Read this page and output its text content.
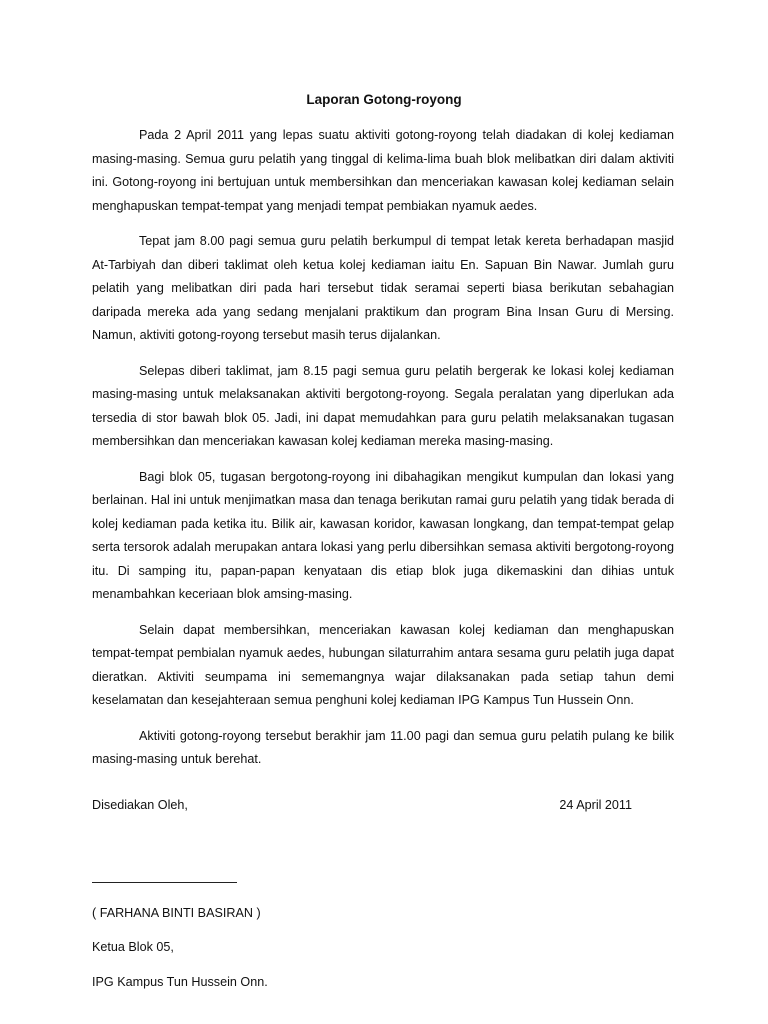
Laporan Gotong-royong

Pada 2 April 2011 yang lepas suatu aktiviti gotong-royong telah diadakan di kolej kediaman masing-masing. Semua guru pelatih yang tinggal di kelima-lima buah blok melibatkan diri dalam aktiviti ini. Gotong-royong ini bertujuan untuk membersihkan dan menceriakan kawasan kolej kediaman selain menghapuskan tempat-tempat yang menjadi tempat pembiakan nyamuk aedes.

Tepat jam 8.00 pagi semua guru pelatih berkumpul di tempat letak kereta berhadapan masjid At-Tarbiyah dan diberi taklimat oleh ketua kolej kediaman iaitu En. Sapuan Bin Nawar. Jumlah guru pelatih yang melibatkan diri pada hari tersebut tidak seramai seperti biasa berikutan sebahagian daripada mereka ada yang sedang menjalani praktikum dan program Bina Insan Guru di Mersing. Namun, aktiviti gotong-royong tersebut masih terus dijalankan.

Selepas diberi taklimat, jam 8.15 pagi semua guru pelatih bergerak ke lokasi kolej kediaman masing-masing untuk melaksanakan aktiviti bergotong-royong. Segala peralatan yang diperlukan ada tersedia di stor bawah blok 05. Jadi, ini dapat memudahkan para guru pelatih melaksanakan tugasan membersihkan dan menceriakan kawasan kolej kediaman mereka masing-masing.

Bagi blok 05, tugasan bergotong-royong ini dibahagikan mengikut kumpulan dan lokasi yang berlainan. Hal ini untuk menjimatkan masa dan tenaga berikutan ramai guru pelatih yang tidak berada di kolej kediaman pada ketika itu. Bilik air, kawasan koridor, kawasan longkang, dan tempat-tempat gelap serta tersorok adalah merupakan antara lokasi yang perlu dibersihkan semasa aktiviti bergotong-royong itu. Di samping itu, papan-papan kenyataan dis etiap blok juga dikemaskini dan dihias untuk menambahkan keceriaan blok amsing-masing.

Selain dapat membersihkan, menceriakan kawasan kolej kediaman dan menghapuskan tempat-tempat pembialan nyamuk aedes, hubungan silaturrahim antara sesama guru pelatih juga dapat dieratkan. Aktiviti seumpama ini sememangnya wajar dilaksanakan pada setiap tahun demi keselamatan dan kesejahteraan semua penghuni kolej kediaman IPG Kampus Tun Hussein Onn.

Aktiviti gotong-royong tersebut berakhir jam 11.00 pagi dan semua guru pelatih pulang ke bilik masing-masing untuk berehat.

Disediakan Oleh,	24 April 2011
( FARHANA BINTI BASIRAN )
Ketua Blok 05,
IPG Kampus Tun Hussein Onn.
